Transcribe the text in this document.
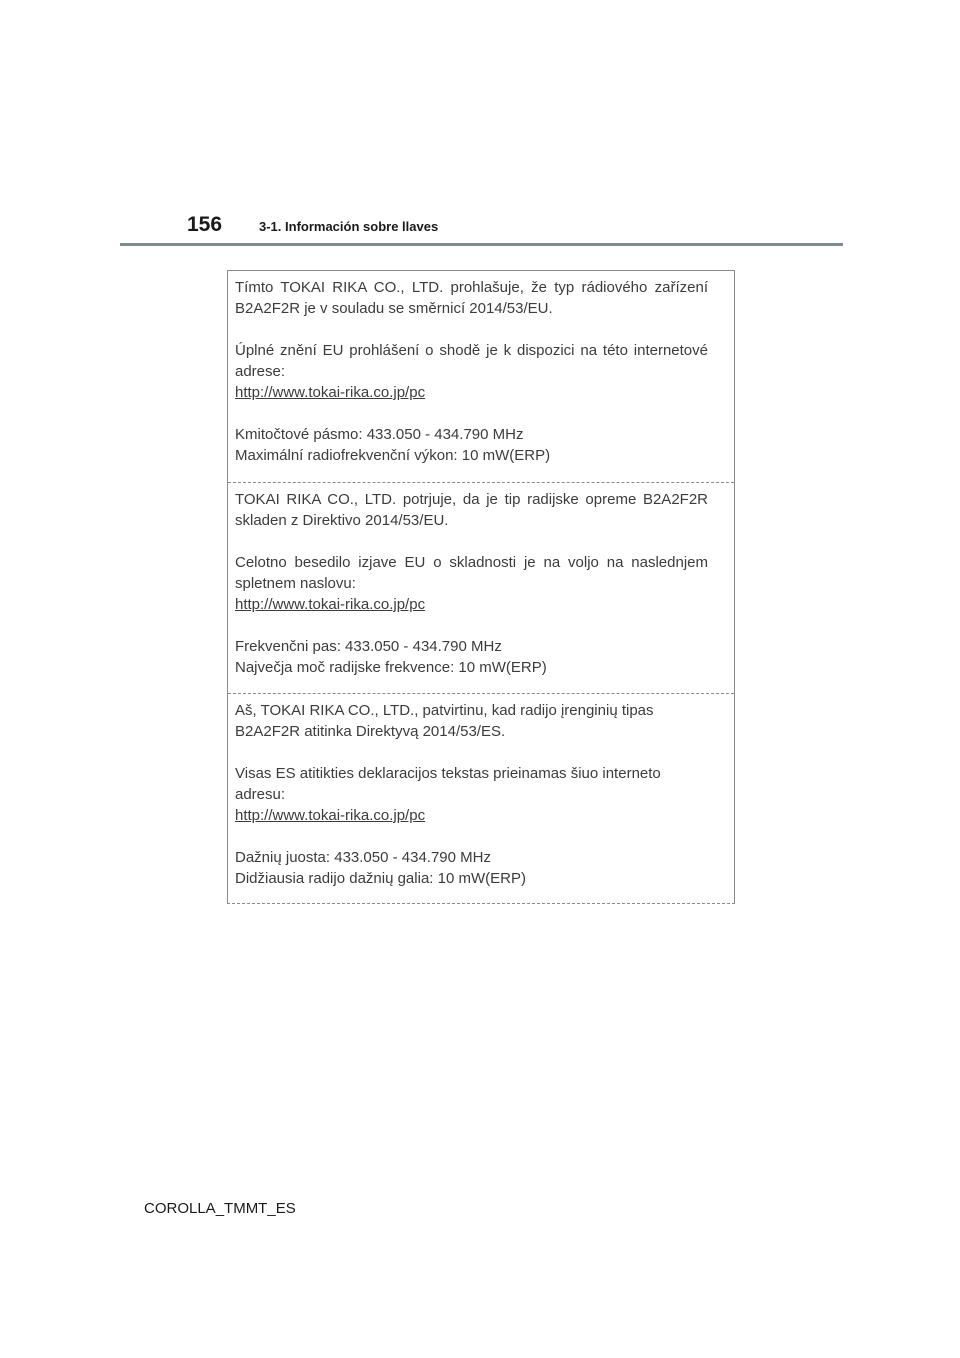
156	3-1. Información sobre llaves

Tímto TOKAI RIKA CO., LTD. prohlašuje, že typ rádiového zařízení B2A2F2R je v souladu se směrnicí 2014/53/EU.

Úplné znění EU prohlášení o shodě je k dispozici na této internetové adrese:

http://www.tokai-rika.co.jp/pc

Kmitočtové pásmo: 433.050 - 434.790 MHz

Maximální radiofrekvenční výkon: 10 mW(ERP)

TOKAI RIKA CO., LTD. potrjuje, da je tip radijske opreme B2A2F2R skladen z Direktivo 2014/53/EU.

Celotno besedilo izjave EU o skladnosti je na voljo na naslednjem spletnem naslovu:

http://www.tokai-rika.co.jp/pc

Frekvenčni pas: 433.050 - 434.790 MHz

Največja moč radijske frekvence: 10 mW(ERP)

Aš, TOKAI RIKA CO., LTD., patvirtinu, kad radijo įrenginių tipas

B2A2F2R atitinka Direktyvą 2014/53/ES.

Visas ES atitikties deklaracijos tekstas prieinamas šiuo interneto

adresu:

http://www.tokai-rika.co.jp/pc

Dažnių juosta: 433.050 - 434.790 MHz

Didžiausia radijo dažnių galia: 10 mW(ERP)

COROLLA_TMMT_ES
